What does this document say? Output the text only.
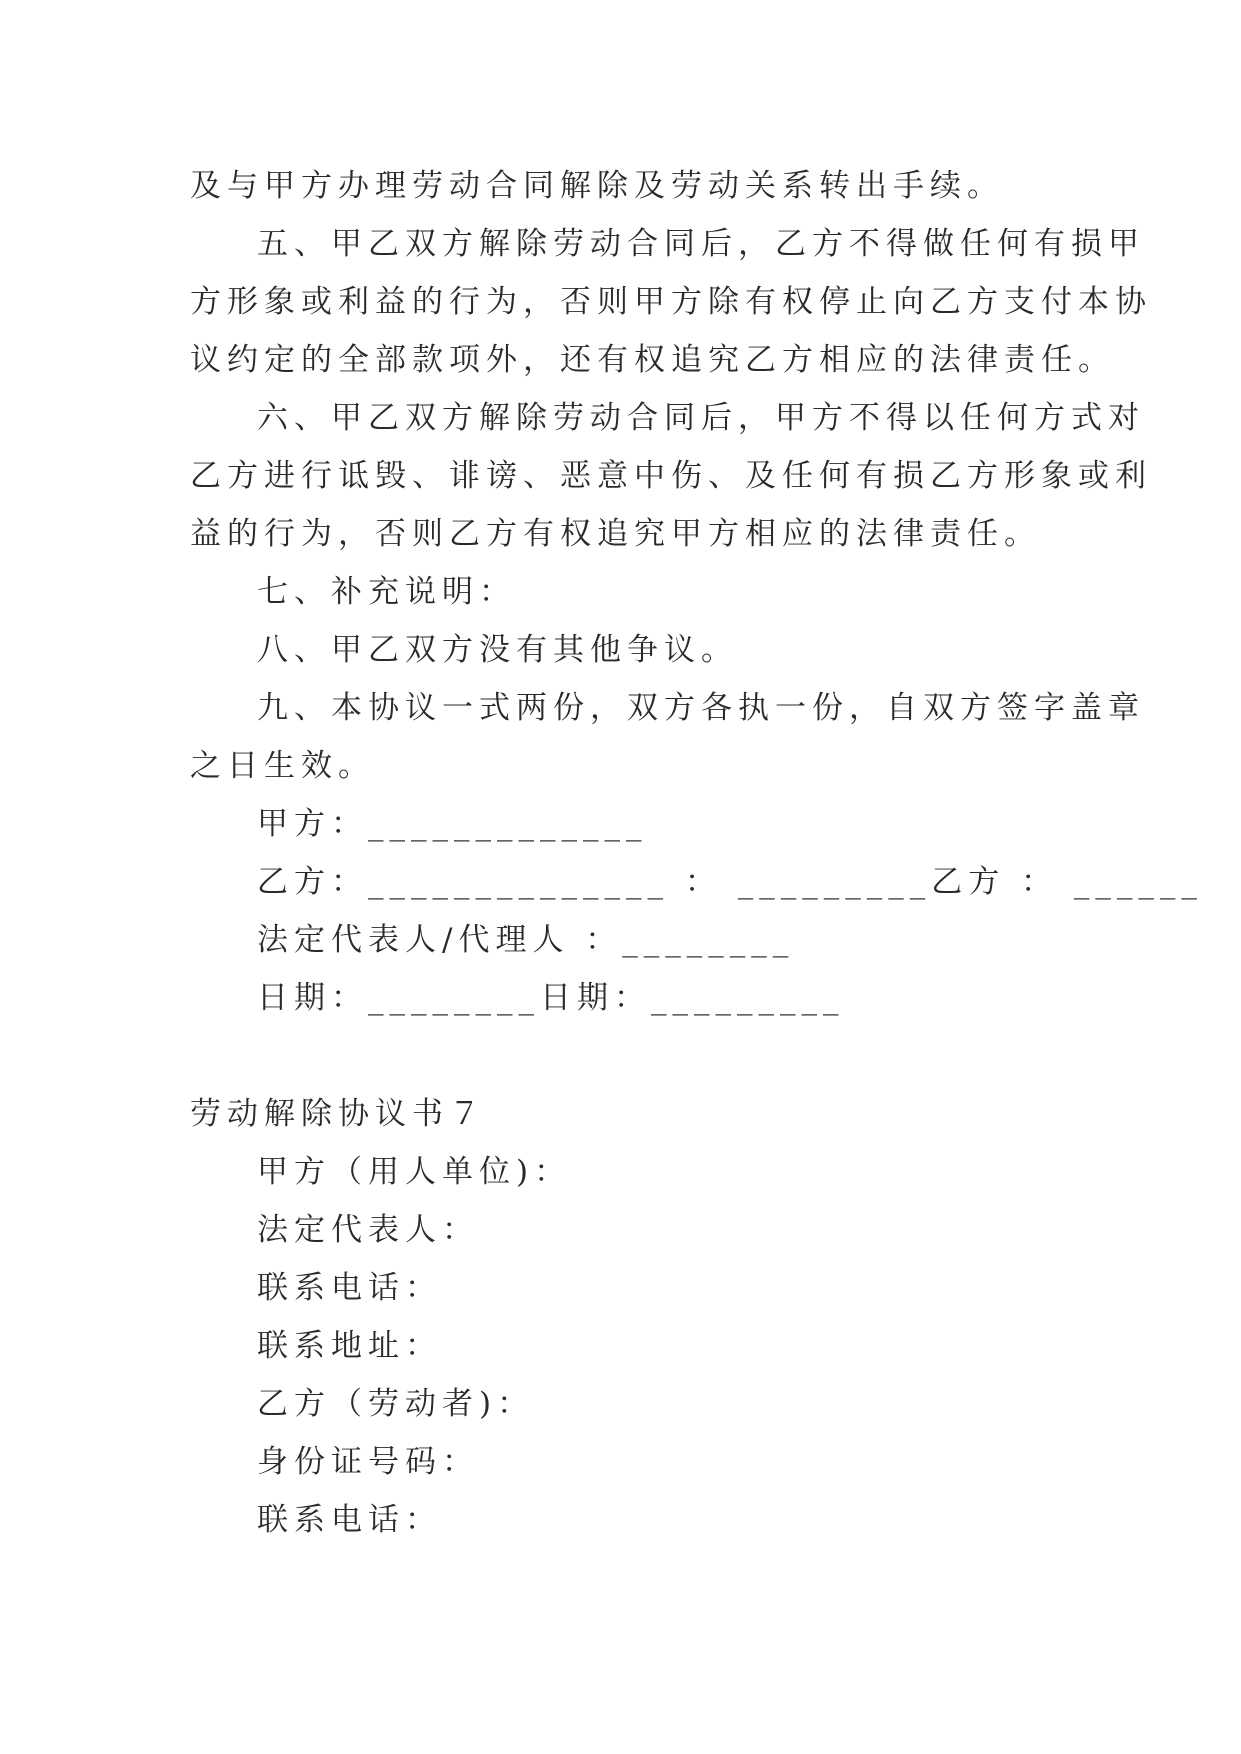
及与甲方办理劳动合同解除及劳动关系转出手续。
五、甲乙双方解除劳动合同后，乙方不得做任何有损甲
方形象或利益的行为，否则甲方除有权停止向乙方支付本协
议约定的全部款项外，还有权追究乙方相应的法律责任。
六、甲乙双方解除劳动合同后，甲方不得以任何方式对
乙方进行诋毁、诽谤、恶意中伤、及任何有损乙方形象或利
益的行为，否则乙方有权追究甲方相应的法律责任。
七、补充说明：
八、甲乙双方没有其他争议。
九、本协议一式两份，双方各执一份，自双方签字盖章
之日生效。
甲方：_____________
乙方：______________ ： _________乙方 ： ______
法定代表人/代理人 ：________
日期：________日期：_________
劳动解除协议书７
甲方（用人单位)：
法定代表人：
联系电话：
联系地址：
乙方（劳动者)：
身份证号码：
联系电话：
